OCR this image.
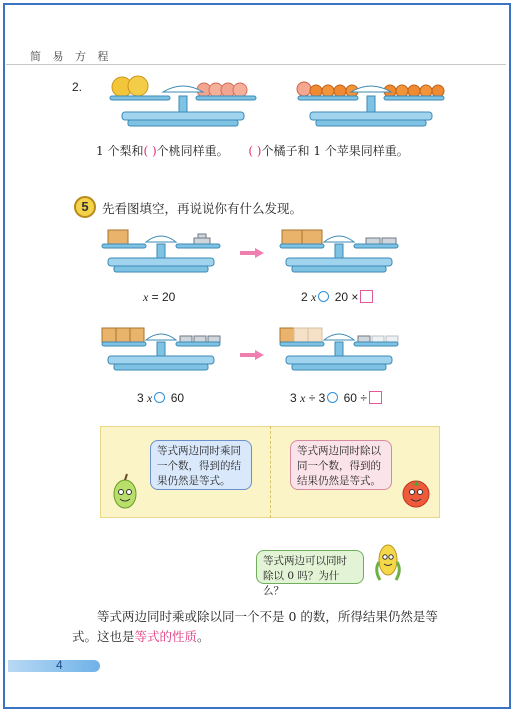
简 易 方 程
2.
1 个梨和( )个桃同样重。 ( )个橘子和 1 个苹果同样重。
5	先看图填空，再说说你有什么发现。
x = 20	2 x 20 ×
3 x 60	3 x ÷ 3 60 ÷
等式两边同时乘同一个数，得到的结果仍然是等式。
等式两边同时除以同一个数，得到的结果仍然是等式。
等式两边可以同时除以 0 吗？为什么？
等式两边同时乘或除以同一个不是 0 的数，所得结果仍然是等式。这也是等式的性质。
4
